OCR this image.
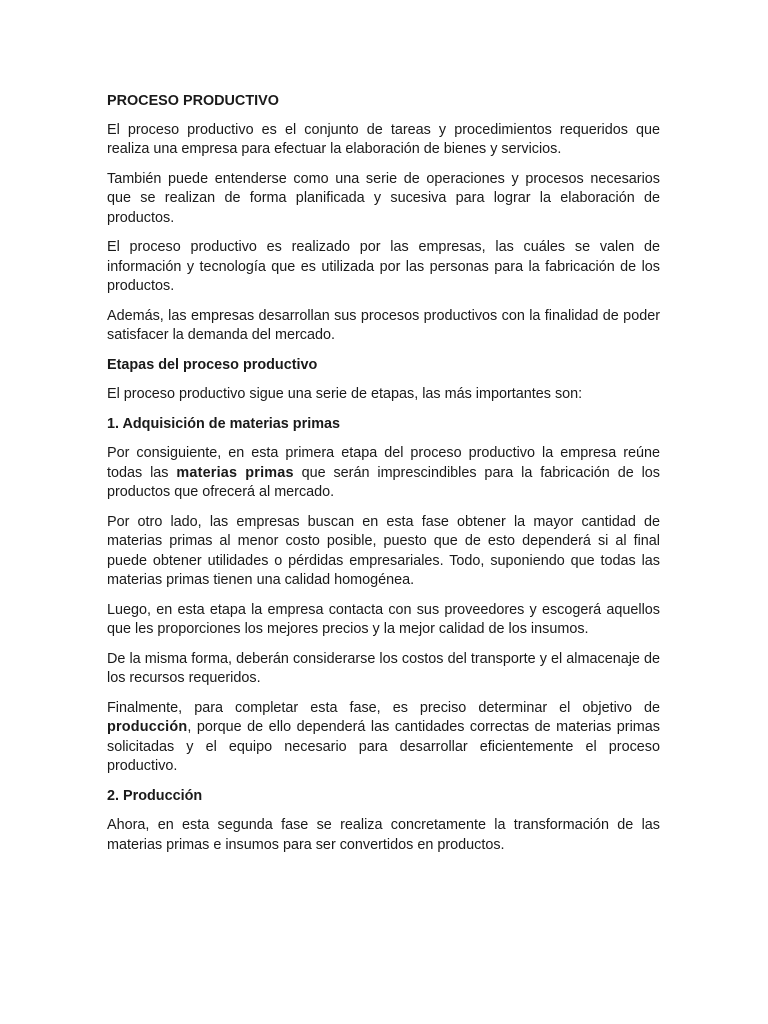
PROCESO PRODUCTIVO

El proceso productivo es el conjunto de tareas y procedimientos requeridos que realiza una empresa para efectuar la elaboración de bienes y servicios.

También puede entenderse como una serie de operaciones y procesos necesarios que se realizan de forma planificada y sucesiva para lograr la elaboración de productos.

El proceso productivo es realizado por las empresas, las cuáles se valen de información y tecnología que es utilizada por las personas para la fabricación de los productos.

Además, las empresas desarrollan sus procesos productivos con la finalidad de poder satisfacer la demanda del mercado.

Etapas del proceso productivo

El proceso productivo sigue una serie de etapas, las más importantes son:

1. Adquisición de materias primas

Por consiguiente, en esta primera etapa del proceso productivo la empresa reúne todas las materias primas que serán imprescindibles para la fabricación de los productos que ofrecerá al mercado.

Por otro lado, las empresas buscan en esta fase obtener la mayor cantidad de materias primas al menor costo posible, puesto que de esto dependerá si al final puede obtener utilidades o pérdidas empresariales. Todo, suponiendo que todas las materias primas tienen una calidad homogénea.

Luego, en esta etapa la empresa contacta con sus proveedores y escogerá aquellos que les proporciones los mejores precios y la mejor calidad de los insumos.

De la misma forma, deberán considerarse los costos del transporte y el almacenaje de los recursos requeridos.

Finalmente, para completar esta fase, es preciso determinar el objetivo de producción, porque de ello dependerá las cantidades correctas de materias primas solicitadas y el equipo necesario para desarrollar eficientemente el proceso productivo.

2. Producción

Ahora, en esta segunda fase se realiza concretamente la transformación de las materias primas e insumos para ser convertidos en productos.
